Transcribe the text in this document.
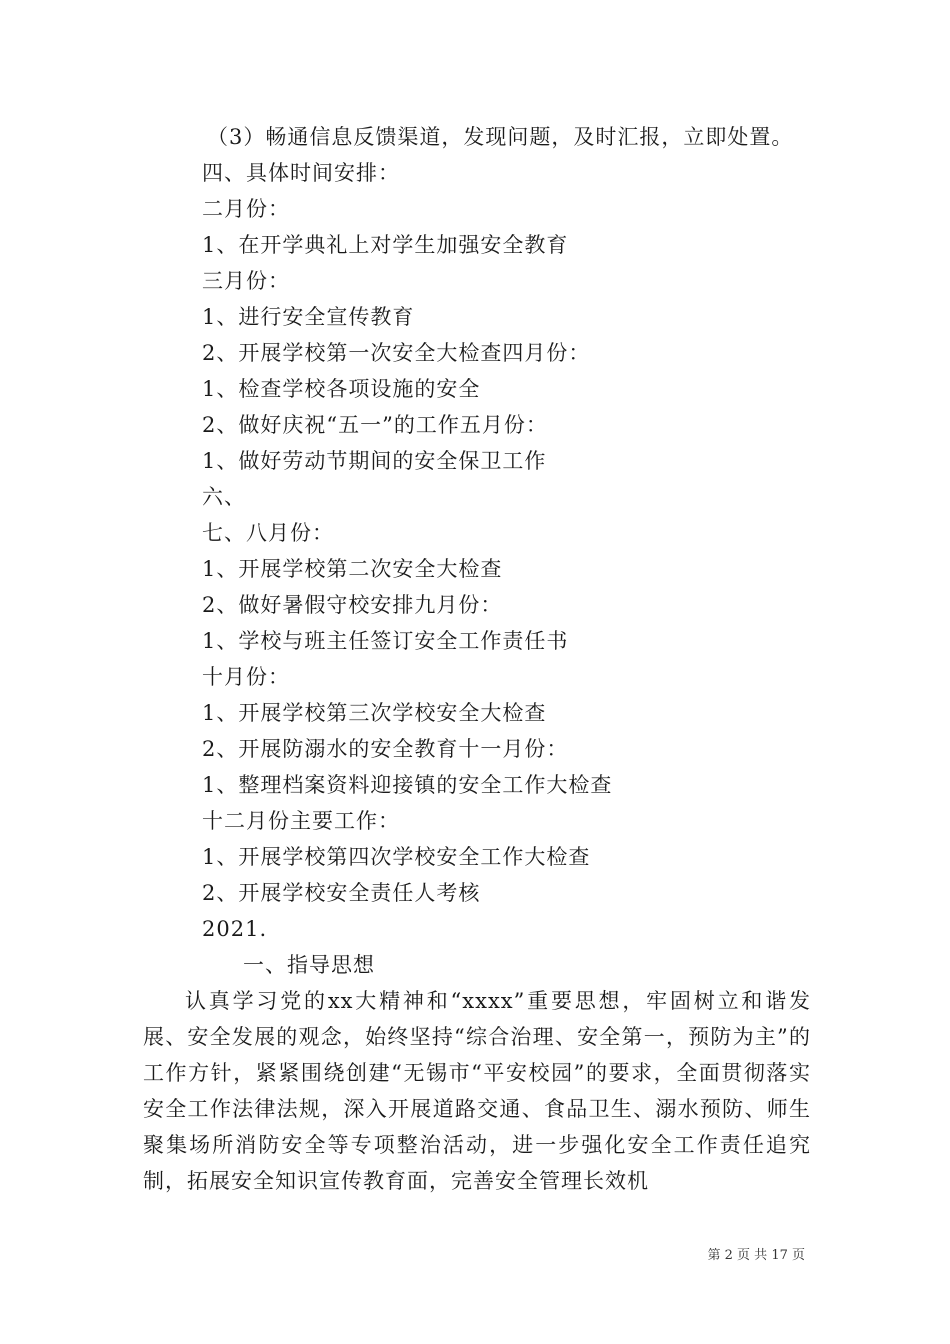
（3）畅通信息反馈渠道，发现问题，及时汇报，立即处置。
四、具体时间安排：
二月份：
1、在开学典礼上对学生加强安全教育
三月份：
1、进行安全宣传教育
2、开展学校第一次安全大检查四月份：
1、检查学校各项设施的安全
2、做好庆祝“五一”的工作五月份：
1、做好劳动节期间的安全保卫工作
六、
七、八月份：
1、开展学校第二次安全大检查
2、做好暑假守校安排九月份：
1、学校与班主任签订安全工作责任书
十月份：
1、开展学校第三次学校安全大检查
2、开展防溺水的安全教育十一月份：
1、整理档案资料迎接镇的安全工作大检查
十二月份主要工作：
1、开展学校第四次学校安全工作大检查
2、开展学校安全责任人考核
2021.
一、指导思想
认真学习党的xx大精神和“xxxx”重要思想，牢固树立和谐发展、安全发展的观念，始终坚持“综合治理、安全第一，预防为主”的工作方针，紧紧围绕创建“无锡市“平安校园”的要求，全面贯彻落实安全工作法律法规，深入开展道路交通、食品卫生、溺水预防、师生聚集场所消防安全等专项整治活动，进一步强化安全工作责任追究制，拓展安全知识宣传教育面，完善安全管理长效机
第 2 页 共 17 页
